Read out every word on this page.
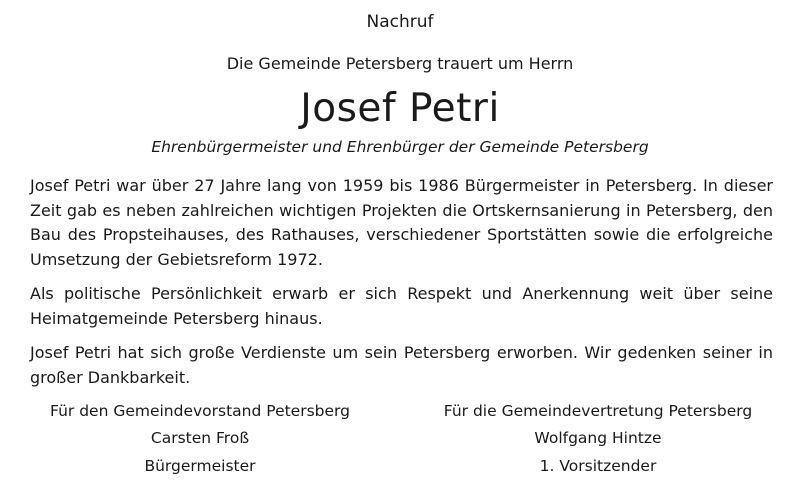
Nachruf
Die Gemeinde Petersberg trauert um Herrn
Josef Petri
Ehrenbürgermeister und Ehrenbürger der Gemeinde Petersberg

Josef Petri war über 27 Jahre lang von 1959 bis 1986 Bürgermeister in Petersberg. In dieser Zeit gab es neben zahlreichen wichtigen Projekten die Ortskernsanierung in Petersberg, den Bau des Propsteihauses, des Rathauses, verschiedener Sportstätten sowie die erfolgreiche Umsetzung der Gebietsreform 1972.

Als politische Persönlichkeit erwarb er sich Respekt und Anerkennung weit über seine Heimatgemeinde Petersberg hinaus.

Josef Petri hat sich große Verdienste um sein Petersberg erworben. Wir gedenken seiner in großer Dankbarkeit.

Für den Gemeindevorstand Petersberg
Carsten Froß
Bürgermeister
Für die Gemeindevertretung Petersberg
Wolfgang Hintze
1. Vorsitzender
